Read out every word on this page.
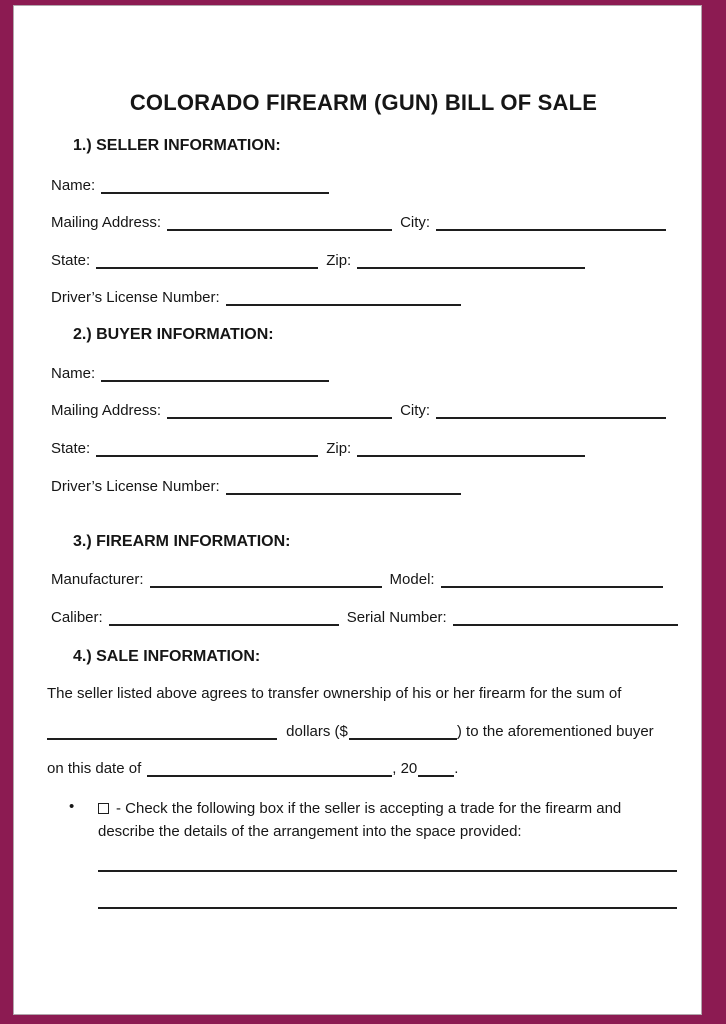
COLORADO FIREARM (GUN) BILL OF SALE
1.) SELLER INFORMATION:
Name:
Mailing Address:	City:
State:	Zip:
Driver’s License Number:
2.) BUYER INFORMATION:
Name:
Mailing Address:	City:
State:	Zip:
Driver’s License Number:
3.) FIREARM INFORMATION:
Manufacturer:	Model:
Caliber:	Serial Number:
4.) SALE INFORMATION:
The seller listed above agrees to transfer ownership of his or her firearm for the sum of
dollars ($	) to the aforementioned buyer
on this date of	, 20 .
•	- Check the following box if the seller is accepting a trade for the firearm and
describe the details of the arrangement into the space provided:
